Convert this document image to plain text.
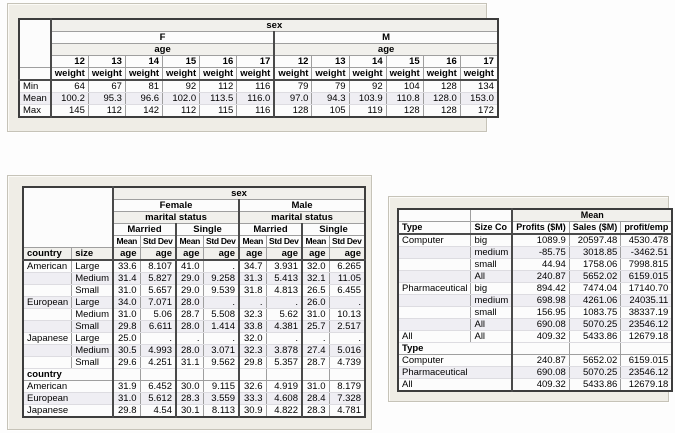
	sex											
	F						M					
	age						age					
	12	13	14	15	16	17	12	13	14	15	16	17
	weight	weight	weight	weight	weight	weight	weight	weight	weight	weight	weight	weight
Min	64	67	81	92	112	116	79	79	92	104	128	134
Mean	100.2	95.3	96.6	102.0	113.5	116.0	97.0	94.3	103.9	110.8	128.0	153.0
Max	145	112	142	112	115	116	128	105	119	128	128	172
		sex							
		Female				Male			
		marital status				marital status			
		Married		Single		Married		Single	
		Mean	Std Dev	Mean	Std Dev	Mean	Std Dev	Mean	Std Dev
country	size	age	age	age	age	age	age	age	age
American	Large	33.6	8.107	41.0	.	34.7	3.931	32.0	6.265
	Medium	31.4	5.827	29.0	9.258	31.3	5.413	32.1	11.05
	Small	31.0	5.657	29.0	9.539	31.8	4.813	26.5	6.455
European	Large	34.0	7.071	28.0	.	.	.	26.0	.
	Medium	31.0	5.06	28.7	5.508	32.3	5.62	31.0	10.13
	Small	29.8	6.611	28.0	1.414	33.8	4.381	25.7	2.517
Japanese	Large	25.0	.	.	.	32.0	.	.	.
	Medium	30.5	4.993	28.0	3.071	32.3	3.878	27.4	5.016
	Small	29.6	4.251	31.1	9.562	29.8	5.357	28.7	4.739
country									
American		31.9	6.452	30.0	9.115	32.6	4.919	31.0	8.179
European		31.0	5.612	28.3	3.559	33.3	4.608	28.4	7.328
Japanese		29.8	4.54	30.1	8.113	30.9	4.822	28.3	4.781
		Mean		
Type	Size Co	Profits ($M)	Sales ($M)	profit/emp
Computer	big	1089.9	20597.48	4530.478
	medium	-85.75	3018.85	-3462.51
	small	44.94	1758.06	7998.815
	All	240.87	5652.02	6159.015
Pharmaceutical	big	894.42	7474.04	17140.70
	medium	698.98	4261.06	24035.11
	small	156.95	1083.75	38337.19
	All	690.08	5070.25	23546.12
All	All	409.32	5433.86	12679.18
Type				
Computer		240.87	5652.02	6159.015
Pharmaceutical		690.08	5070.25	23546.12
All		409.32	5433.86	12679.18
